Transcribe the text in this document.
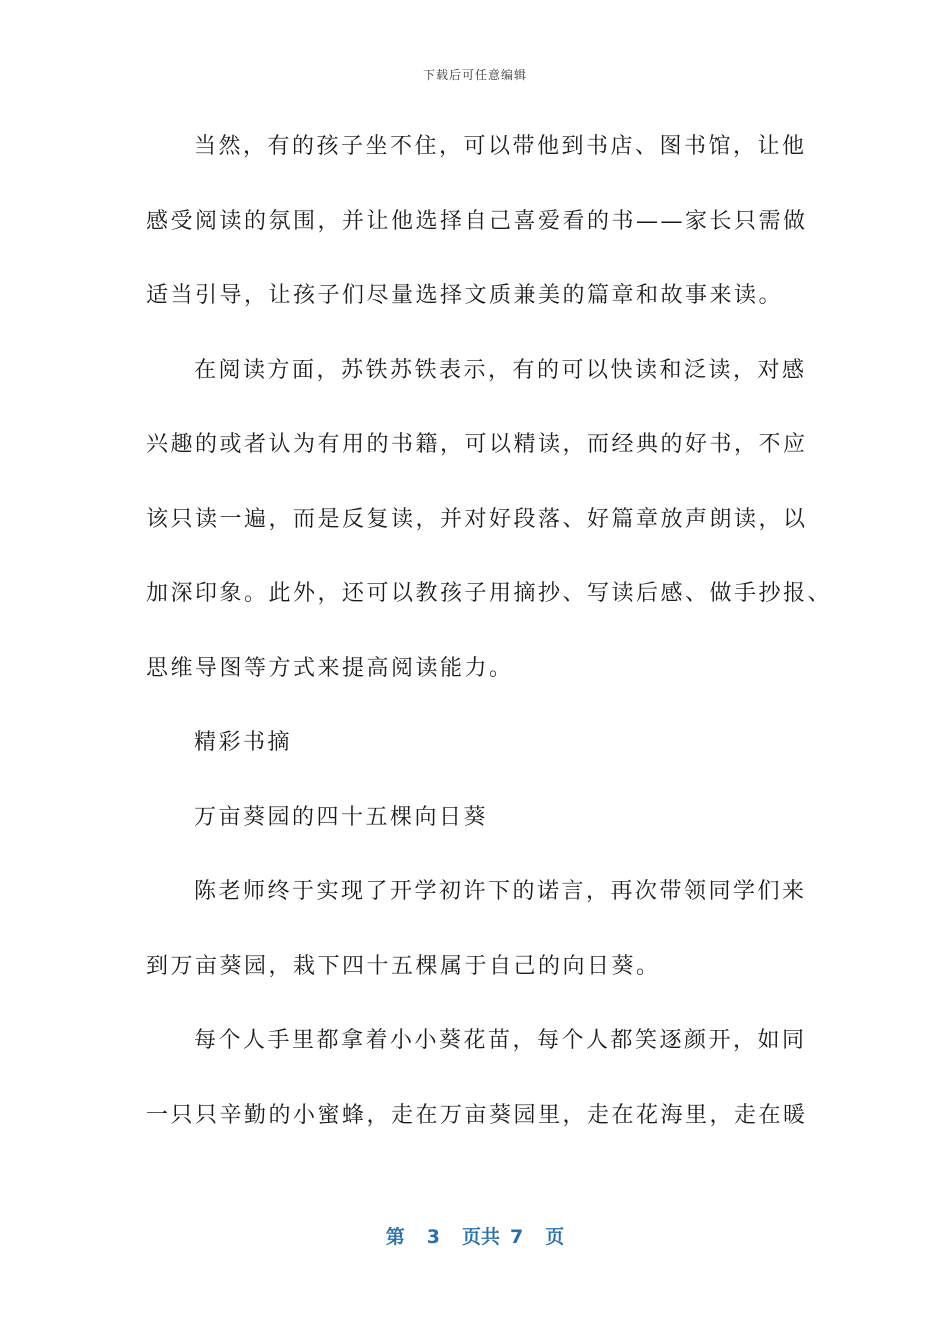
下载后可任意编辑
当然，有的孩子坐不住，可以带他到书店、图书馆，让他
感受阅读的氛围，并让他选择自己喜爱看的书——家长只需做
适当引导，让孩子们尽量选择文质兼美的篇章和故事来读。
在阅读方面，苏铁苏铁表示，有的可以快读和泛读，对感
兴趣的或者认为有用的书籍，可以精读，而经典的好书，不应
该只读一遍，而是反复读，并对好段落、好篇章放声朗读，以
加深印象。此外，还可以教孩子用摘抄、写读后感、做手抄报、
思维导图等方式来提高阅读能力。
精彩书摘
万亩葵园的四十五棵向日葵
陈老师终于实现了开学初许下的诺言，再次带领同学们来
到万亩葵园，栽下四十五棵属于自己的向日葵。
每个人手里都拿着小小葵花苗，每个人都笑逐颜开，如同
一只只辛勤的小蜜蜂，走在万亩葵园里，走在花海里，走在暖
第 3 页共 7 页
